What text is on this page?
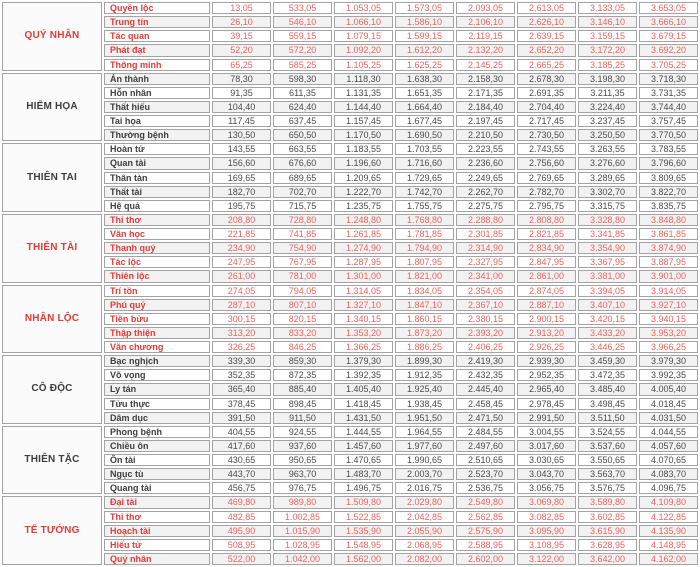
QUÝ NHÂN	Quyền lộc	13,05	533,05	1.053,05	1.573,05	2.093,05	2.613,05	3.133,05	3.653,05
	Trung tín	26,10	546,10	1.066,10	1.586,10	2.106,10	2.626,10	3.146,10	3.666,10
	Tác quan	39,15	559,15	1.079,15	1.599,15	2.119,15	2.639,15	3.159,15	3.679,15
	Phát đạt	52,20	572,20	1.092,20	1.612,20	2.132,20	2.652,20	3.172,20	3.692,20
	Thông minh	65,25	585,25	1.105,25	1.625,25	2.145,25	2.665,25	3.185,25	3.705,25
HIỂM HỌA	Án thành	78,30	598,30	1.118,30	1.638,30	2.158,30	2.678,30	3.198,30	3.718,30
	Hỗn nhân	91,35	611,35	1.131,35	1.651,35	2.171,35	2.691,35	3.211,35	3.731,35
	Thất hiếu	104,40	624,40	1.144,40	1.664,40	2.184,40	2.704,40	3.224,40	3.744,40
	Tai họa	117,45	637,45	1.157,45	1.677,45	2.197,45	2.717,45	3.237,45	3.757,45
	Thường bệnh	130,50	650,50	1.170,50	1.690,50	2.210,50	2.730,50	3.250,50	3.770,50
THIÊN TAI	Hoàn tử	143,55	663,55	1.183,55	1.703,55	2.223,55	2.743,55	3.263,55	3.783,55
	Quan tài	156,60	676,60	1.196,60	1.716,60	2.236,60	2.756,60	3.276,60	3.796,60
	Thân tàn	169,65	689,65	1.209,65	1.729,65	2.249,65	2.769,65	3.289,65	3.809,65
	Thất tài	182,70	702,70	1.222,70	1.742,70	2.262,70	2.782,70	3.302,70	3.822,70
	Hệ quả	195,75	715,75	1.235,75	1.755,75	2.275,75	2.795,75	3.315,75	3.835,75
THIÊN TÀI	Thi thơ	208,80	728,80	1.248,80	1.768,80	2.288,80	2.808,80	3.328,80	3.848,80
	Văn học	221,85	741,85	1.261,85	1.781,85	2.301,85	2.821,85	3.341,85	3.861,85
	Thanh quý	234,90	754,90	1.274,90	1.794,90	2.314,90	2.834,90	3.354,90	3.874,90
	Tác lộc	247,95	767,95	1.287,95	1.807,95	2.327,95	2.847,95	3.367,95	3.887,95
	Thiên lộc	261,00	781,00	1.301,00	1.821,00	2.341,00	2.861,00	3.381,00	3.901,00
NHÂN LỘC	Trí tồn	274,05	794,05	1.314,05	1.834,05	2.354,05	2.874,05	3.394,05	3.914,05
	Phú quý	287,10	807,10	1.327,10	1.847,10	2.367,10	2.887,10	3.407,10	3.927,10
	Tiền bửu	300,15	820,15	1.340,15	1.860,15	2.380,15	2.900,15	3.420,15	3.940,15
	Thập thiện	313,20	833,20	1.353,20	1.873,20	2.393,20	2.913,20	3.433,20	3.953,20
	Văn chương	326,25	846,25	1.366,25	1.886,25	2.406,25	2.926,25	3.446,25	3.966,25
CÔ ĐỘC	Bạc nghịch	339,30	859,30	1.379,30	1.899,30	2.419,30	2.939,30	3.459,30	3.979,30
	Võ vọng	352,35	872,35	1.392,35	1.912,35	2.432,35	2.952,35	3.472,35	3.992,35
	Ly tán	365,40	885,40	1.405,40	1.925,40	2.445,40	2.965,40	3.485,40	4.005,40
	Tửu thực	378,45	898,45	1.418,45	1.938,45	2.458,45	2.978,45	3.498,45	4.018,45
	Dâm dục	391,50	911,50	1.431,50	1.951,50	2.471,50	2.991,50	3.511,50	4.031,50
THIÊN TẶC	Phong bệnh	404,55	924,55	1.444,55	1.964,55	2.484,55	3.004,55	3.524,55	4.044,55
	Chiều ôn	417,60	937,60	1.457,60	1.977,60	2.497,60	3.017,60	3.537,60	4.057,60
	Ôn tài	430,65	950,65	1.470,65	1.990,65	2.510,65	3.030,65	3.550,65	4.070,65
	Ngục tù	443,70	963,70	1.483,70	2.003,70	2.523,70	3.043,70	3.563,70	4.083,70
	Quang tài	456,75	976,75	1.496,75	2.016,75	2.536,75	3.056,75	3.576,75	4.096,75
TỂ TƯỚNG	Đại tài	469,80	989,80	1.509,80	2.029,80	2.549,80	3.069,80	3.589,80	4.109,80
	Thi thơ	482,85	1.002,85	1.522,85	2.042,85	2.562,85	3.082,85	3.602,85	4.122,85
	Hoạch tài	495,90	1.015,90	1.535,90	2.055,90	2.575,90	3.095,90	3.615,90	4.135,90
	Hiếu tử	508,95	1.028,95	1.548,95	2.068,95	2.588,95	3.108,95	3.628,95	4.148,95
	Quý nhân	522,00	1.042,00	1.562,00	2.082,00	2.602,00	3.122,00	3.642,00	4.162,00
